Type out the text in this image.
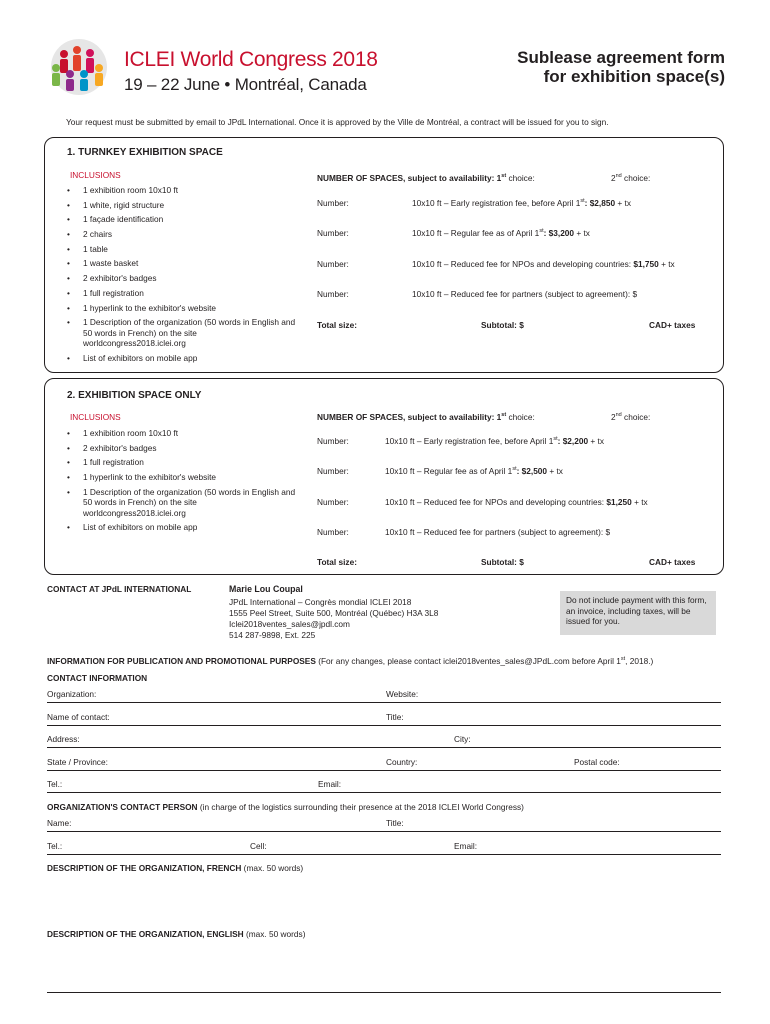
ICLEI World Congress 2018
19 – 22 June • Montréal, Canada
Sublease agreement form
for exhibition space(s)
Your request must be submitted by email to JPdL International. Once it is approved by the Ville de Montréal, a contract will be issued for you to sign.
1. TURNKEY EXHIBITION SPACE
INCLUSIONS
• 1 exhibition room 10x10 ft
• 1 white, rigid structure
• 1 façade identification
• 2 chairs
• 1 table
• 1 waste basket
• 2 exhibitor's badges
• 1 full registration
• 1 hyperlink to the exhibitor's website
• 1 Description of the organization (50 words in English and 50 words in French) on the site worldcongress2018.iclei.org
• List of exhibitors on mobile app
NUMBER OF SPACES, subject to availability: 1st choice:	2nd choice:
Number:	10x10 ft – Early registration fee, before April 1st: $2,850 + tx
Number:	10x10 ft – Regular fee as of April 1st: $3,200 + tx
Number:	10x10 ft – Reduced fee for NPOs and developing countries: $1,750 + tx
Number:	10x10 ft – Reduced fee for partners (subject to agreement): $
Total size:	Subtotal: $	CAD+ taxes
2. EXHIBITION SPACE ONLY
INCLUSIONS
• 1 exhibition room 10x10 ft
• 2 exhibitor's badges
• 1 full registration
• 1 hyperlink to the exhibitor's website
• 1 Description of the organization (50 words in English and 50 words in French) on the site worldcongress2018.iclei.org
• List of exhibitors on mobile app
NUMBER OF SPACES, subject to availability: 1st choice:	2nd choice:
Number:	10x10 ft – Early registration fee, before April 1st: $2,200 + tx
Number:	10x10 ft – Regular fee as of April 1st: $2,500 + tx
Number:	10x10 ft – Reduced fee for NPOs and developing countries: $1,250 + tx
Number:	10x10 ft – Reduced fee for partners (subject to agreement): $
Total size:	Subtotal: $	CAD+ taxes
CONTACT AT JPdL INTERNATIONAL	Marie Lou Coupal
JPdL International – Congrès mondial ICLEI 2018
1555 Peel Street, Suite 500, Montréal (Québec) H3A 3L8
Iclei2018ventes_sales@jpdl.com
514 287-9898, Ext. 225
Do not include payment with this form, an invoice, including taxes, will be issued for you.
INFORMATION FOR PUBLICATION AND PROMOTIONAL PURPOSES (For any changes, please contact iclei2018ventes_sales@JPdL.com before April 1st, 2018.)
CONTACT INFORMATION
Organization:	Website:
Name of contact:	Title:
Address:	City:
State / Province:	Country:	Postal code:
Tel.:	Email:
ORGANIZATION'S CONTACT PERSON (in charge of the logistics surrounding their presence at the 2018 ICLEI World Congress)
Name:	Title:
Tel.:	Cell:	Email:
DESCRIPTION OF THE ORGANIZATION, FRENCH (max. 50 words)
DESCRIPTION OF THE ORGANIZATION, ENGLISH (max. 50 words)
